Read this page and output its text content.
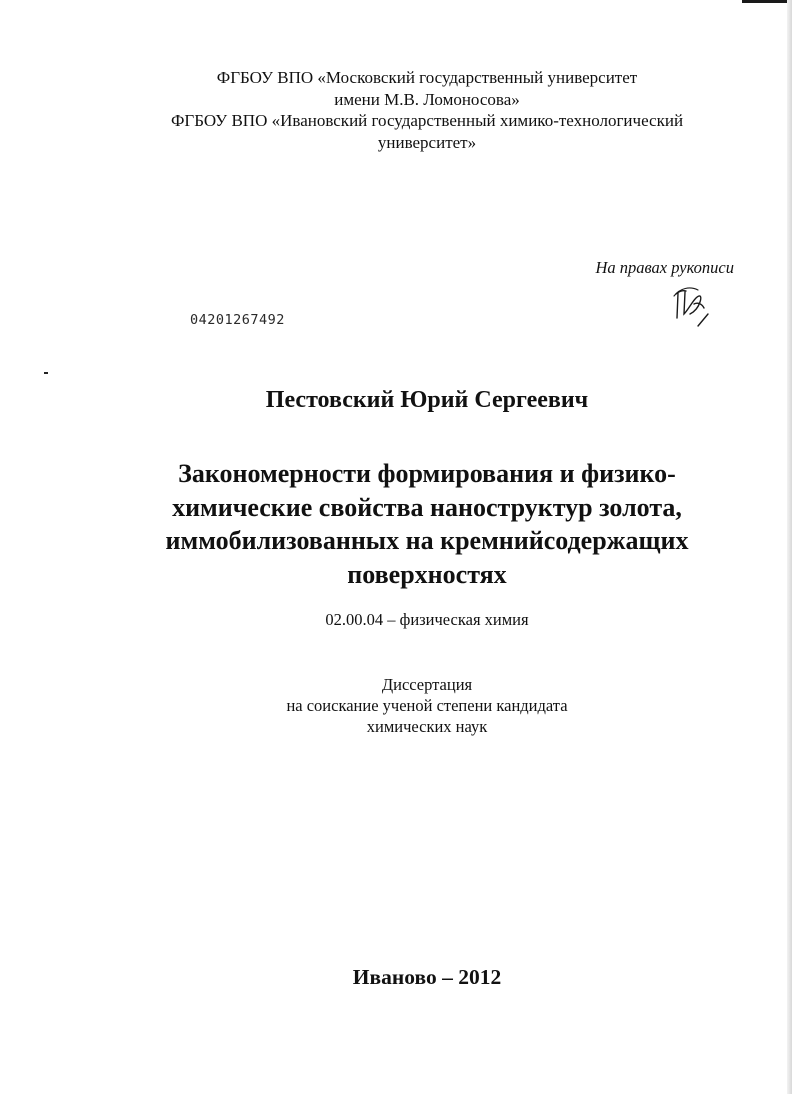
ФГБОУ ВПО «Московский государственный университет
имени М.В. Ломоносова»
ФГБОУ ВПО «Ивановский государственный химико-технологический
университет»
На правах рукописи
04201267492
Пестовский Юрий Сергеевич
Закономерности формирования и физико-
химические свойства наноструктур золота,
иммобилизованных на кремнийсодержащих
поверхностях
02.00.04 – физическая химия
Диссертация
на соискание ученой степени кандидата
химических наук
Иваново – 2012
